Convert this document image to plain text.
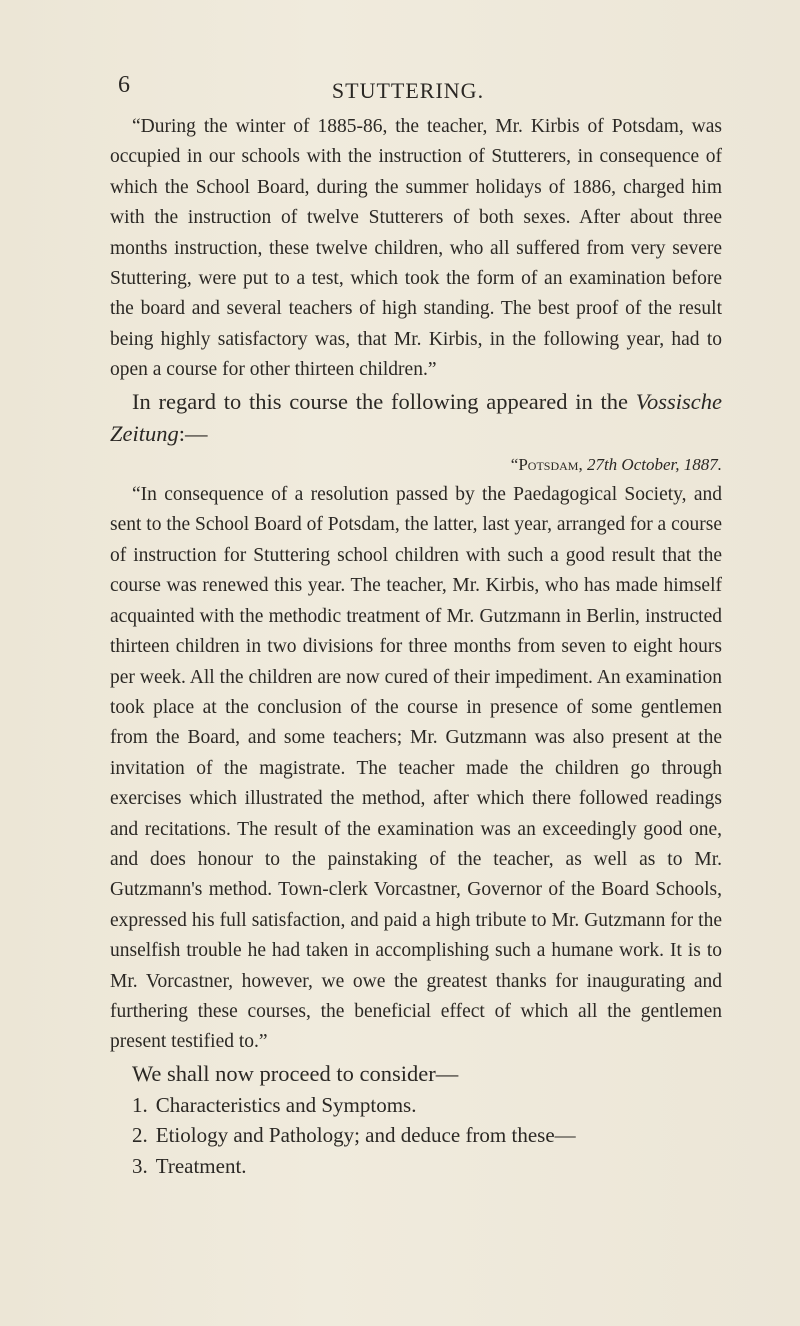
6	STUTTERING.

“During the winter of 1885-86, the teacher, Mr. Kirbis of Potsdam, was occupied in our schools with the instruction of Stutterers, in consequence of which the School Board, during the summer holidays of 1886, charged him with the instruction of twelve Stutterers of both sexes. After about three months instruction, these twelve children, who all suffered from very severe Stuttering, were put to a test, which took the form of an examination before the board and several teachers of high standing. The best proof of the result being highly satisfactory was, that Mr. Kirbis, in the following year, had to open a course for other thirteen children.”

In regard to this course the following appeared in the Vossische Zeitung:—

“Potsdam, 27th October, 1887.

“In consequence of a resolution passed by the Paedagogical Society, and sent to the School Board of Potsdam, the latter, last year, arranged for a course of instruction for Stuttering school children with such a good result that the course was renewed this year. The teacher, Mr. Kirbis, who has made himself acquainted with the methodic treatment of Mr. Gutzmann in Berlin, instructed thirteen children in two divisions for three months from seven to eight hours per week. All the children are now cured of their impediment. An examination took place at the conclusion of the course in presence of some gentlemen from the Board, and some teachers; Mr. Gutzmann was also present at the invitation of the magistrate. The teacher made the children go through exercises which illustrated the method, after which there followed readings and recitations. The result of the examination was an exceedingly good one, and does honour to the painstaking of the teacher, as well as to Mr. Gutzmann's method. Town-clerk Vorcastner, Governor of the Board Schools, expressed his full satisfaction, and paid a high tribute to Mr. Gutzmann for the unselfish trouble he had taken in accomplishing such a humane work. It is to Mr. Vorcastner, however, we owe the greatest thanks for inaugurating and furthering these courses, the beneficial effect of which all the gentlemen present testified to.”

We shall now proceed to consider—

1. Characteristics and Symptoms.
2. Etiology and Pathology; and deduce from these—
3. Treatment.
